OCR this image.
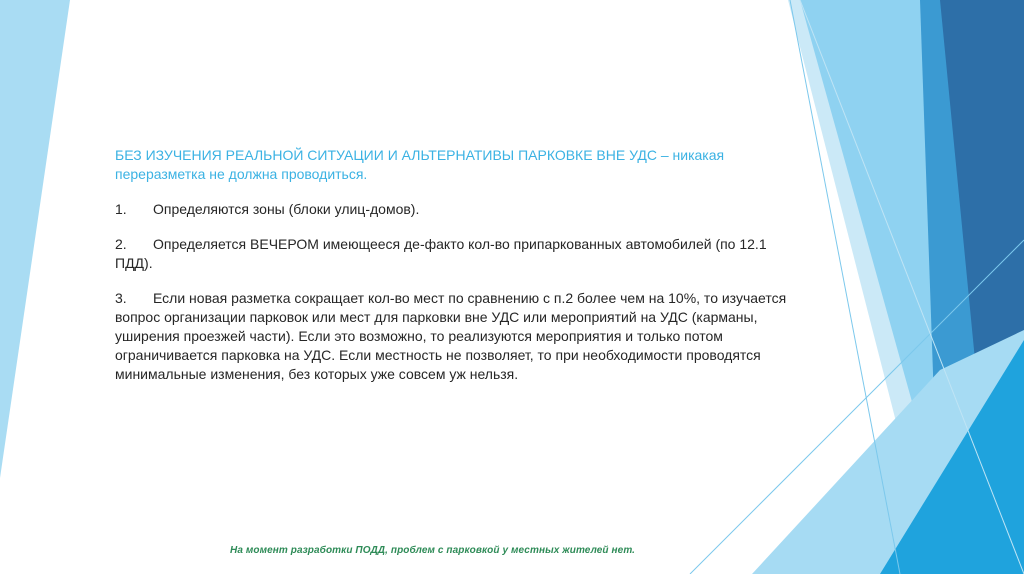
БЕЗ ИЗУЧЕНИЯ РЕАЛЬНОЙ СИТУАЦИИ И АЛЬТЕРНАТИВЫ ПАРКОВКЕ ВНЕ УДС – никакая переразметка не должна проводиться.

1. Определяются зоны (блоки улиц-домов).

2. Определяется ВЕЧЕРОМ имеющееся де-факто кол-во припаркованных автомобилей (по 12.1 ПДД).

3. Если новая разметка сокращает кол-во мест по сравнению с п.2 более чем на 10%, то изучается вопрос организации парковок или мест для парковки вне УДС или мероприятий на УДС (карманы, уширения проезжей части). Если это возможно, то реализуются мероприятия и только потом ограничивается парковка на УДС. Если местность не позволяет, то при необходимости проводятся минимальные изменения, без которых уже совсем уж нельзя.

На момент разработки ПОДД, проблем с парковкой у местных жителей нет.
